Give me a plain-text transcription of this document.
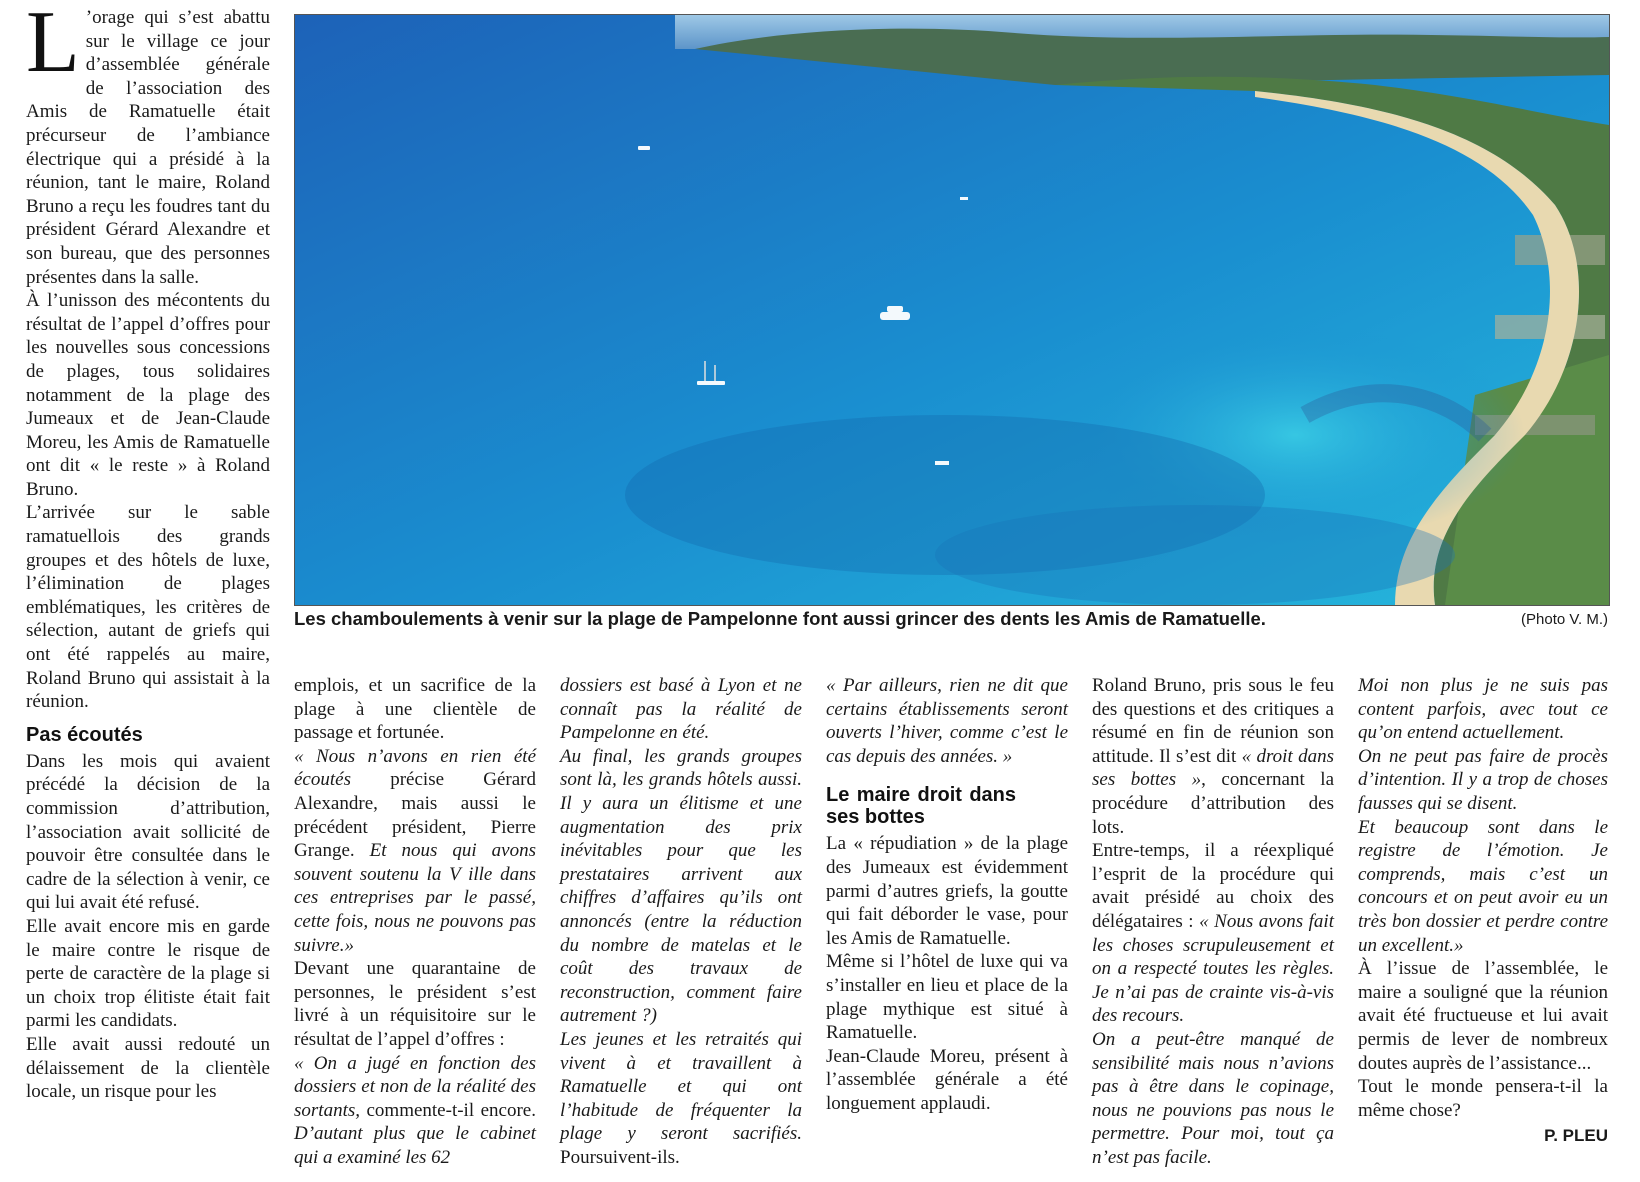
L ’orage qui s’est abattu sur le village ce jour d’assemblée générale de l’association des Amis de Ramatuelle était précurseur de l’ambiance électrique qui a présidé à la réunion, tant le maire, Roland Bruno a reçu les foudres tant du président Gérard Alexandre et son bureau, que des personnes présentes dans la salle.

À l’unisson des mécontents du résultat de l’appel d’offres pour les nouvelles sous concessions de plages, tous solidaires notamment de la plage des Jumeaux et de Jean-Claude Moreu, les Amis de Ramatuelle ont dit « le reste » à Roland Bruno.

L’arrivée sur le sable ramatuellois des grands groupes et des hôtels de luxe, l’élimination de plages emblématiques, les critères de sélection, autant de griefs qui ont été rappelés au maire, Roland Bruno qui assistait à la réunion.

Pas écoutés

Dans les mois qui avaient précédé la décision de la commission d’attribution, l’association avait sollicité de pouvoir être consultée dans le cadre de la sélection à venir, ce qui lui avait été refusé.

Elle avait encore mis en garde le maire contre le risque de perte de caractère de la plage si un choix trop élitiste était fait parmi les candidats.

Elle avait aussi redouté un délaissement de la clientèle locale, un risque pour les

Les chamboulements à venir sur la plage de Pampelonne font aussi grincer des dents les Amis de Ramatuelle.	(Photo V. M.)

emplois, et un sacrifice de la plage à une clientèle de passage et fortunée.

« Nous n’avons en rien été écoutés précise Gérard Alexandre, mais aussi le précédent président, Pierre Grange. Et nous qui avons souvent soutenu la V ille dans ces entreprises par le passé, cette fois, nous ne pouvons pas suivre.»

Devant une quarantaine de personnes, le président s’est livré à un réquisitoire sur le résultat de l’appel d’offres :

« On a jugé en fonction des dossiers et non de la réalité des sortants, commente-t-il encore. D’autant plus que le cabinet qui a examiné les 62

dossiers est basé à Lyon et ne connaît pas la réalité de Pampelonne en été.

Au final, les grands groupes sont là, les grands hôtels aussi. Il y aura un élitisme et une augmentation des prix inévitables pour que les prestataires arrivent aux chiffres d’affaires qu’ils ont annoncés (entre la réduction du nombre de matelas et le coût des travaux de reconstruction, comment faire autrement ?)

Les jeunes et les retraités qui vivent à et travaillent à Ramatuelle et qui ont l’habitude de fréquenter la plage y seront sacrifiés. Poursuivent-ils.

« Par ailleurs, rien ne dit que certains établissements seront ouverts l’hiver, comme c’est le cas depuis des années. »

Le maire droit dans ses bottes

La « répudiation » de la plage des Jumeaux est évidemment parmi d’autres griefs, la goutte qui fait déborder le vase, pour les Amis de Ramatuelle.

Même si l’hôtel de luxe qui va s’installer en lieu et place de la plage mythique est situé à Ramatuelle.

Jean-Claude Moreu, présent à l’assemblée générale a été longuement applaudi.

Roland Bruno, pris sous le feu des questions et des critiques a résumé en fin de réunion son attitude. Il s’est dit « droit dans ses bottes », concernant la procédure d’attribution des lots.

Entre-temps, il a réexpliqué l’esprit de la procédure qui avait présidé au choix des délégataires : « Nous avons fait les choses scrupuleusement et on a respecté toutes les règles. Je n’ai pas de crainte vis-à-vis des recours.

On a peut-être manqué de sensibilité mais nous n’avions pas à être dans le copinage, nous ne pouvions pas nous le permettre. Pour moi, tout ça n’est pas facile.

Moi non plus je ne suis pas content parfois, avec tout ce qu’on entend actuellement.

On ne peut pas faire de procès d’intention. Il y a trop de choses fausses qui se disent.

Et beaucoup sont dans le registre de l’émotion. Je comprends, mais c’est un concours et on peut avoir eu un très bon dossier et perdre contre un excellent.»

À l’issue de l’assemblée, le maire a souligné que la réunion avait été fructueuse et lui avait permis de lever de nombreux doutes auprès de l’assistance...

Tout le monde pensera-t-il la même chose?

P. PLEU
